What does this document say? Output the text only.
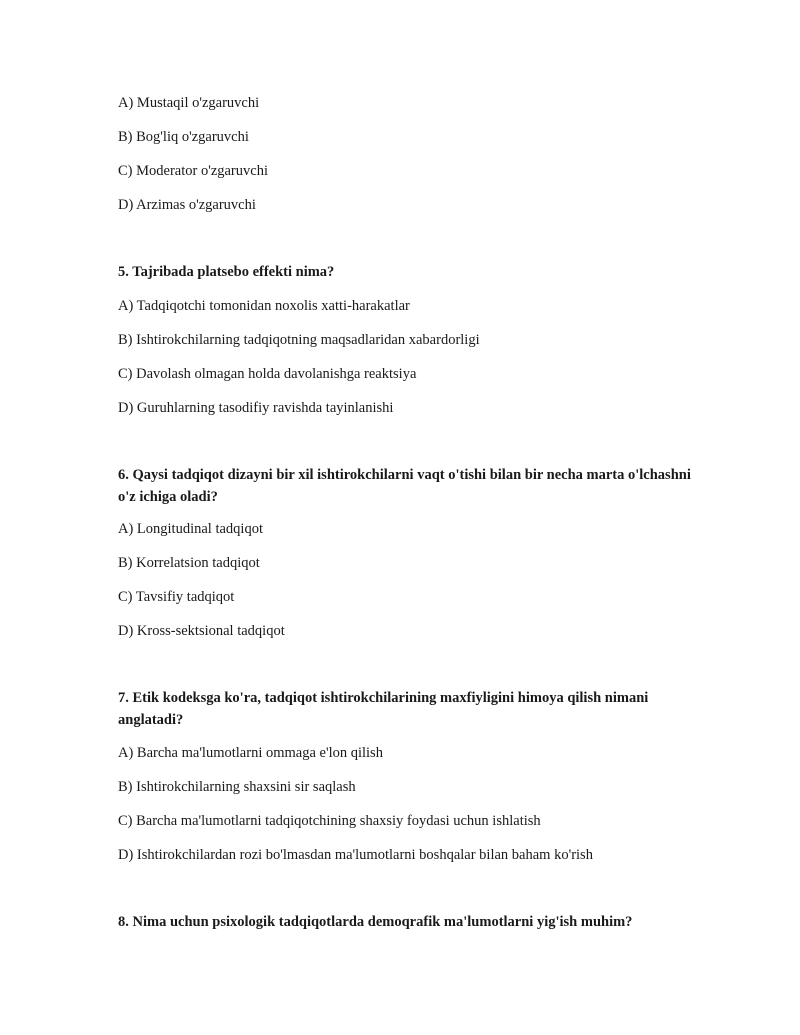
A) Mustaqil o'zgaruvchi
B) Bog'liq o'zgaruvchi
C) Moderator o'zgaruvchi
D) Arzimas o'zgaruvchi
5. Tajribada platsebo effekti nima?
A) Tadqiqotchi tomonidan noxolis xatti-harakatlar
B) Ishtirokchilarning tadqiqotning maqsadlaridan xabardorligi
C) Davolash olmagan holda davolanishga reaktsiya
D) Guruhlarning tasodifiy ravishda tayinlanishi
6. Qaysi tadqiqot dizayni bir xil ishtirokchilarni vaqt o'tishi bilan bir necha marta o'lchashni o'z ichiga oladi?
A) Longitudinal tadqiqot
B) Korrelatsion tadqiqot
C) Tavsifiy tadqiqot
D) Kross-sektsional tadqiqot
7. Etik kodeksga ko'ra, tadqiqot ishtirokchilarining maxfiyligini himoya qilish nimani anglatadi?
A) Barcha ma'lumotlarni ommaga e'lon qilish
B) Ishtirokchilarning shaxsini sir saqlash
C) Barcha ma'lumotlarni tadqiqotchining shaxsiy foydasi uchun ishlatish
D) Ishtirokchilardan rozi bo'lmasdan ma'lumotlarni boshqalar bilan baham ko'rish
8. Nima uchun psixologik tadqiqotlarda demoqrafik ma'lumotlarni yig'ish muhim?
